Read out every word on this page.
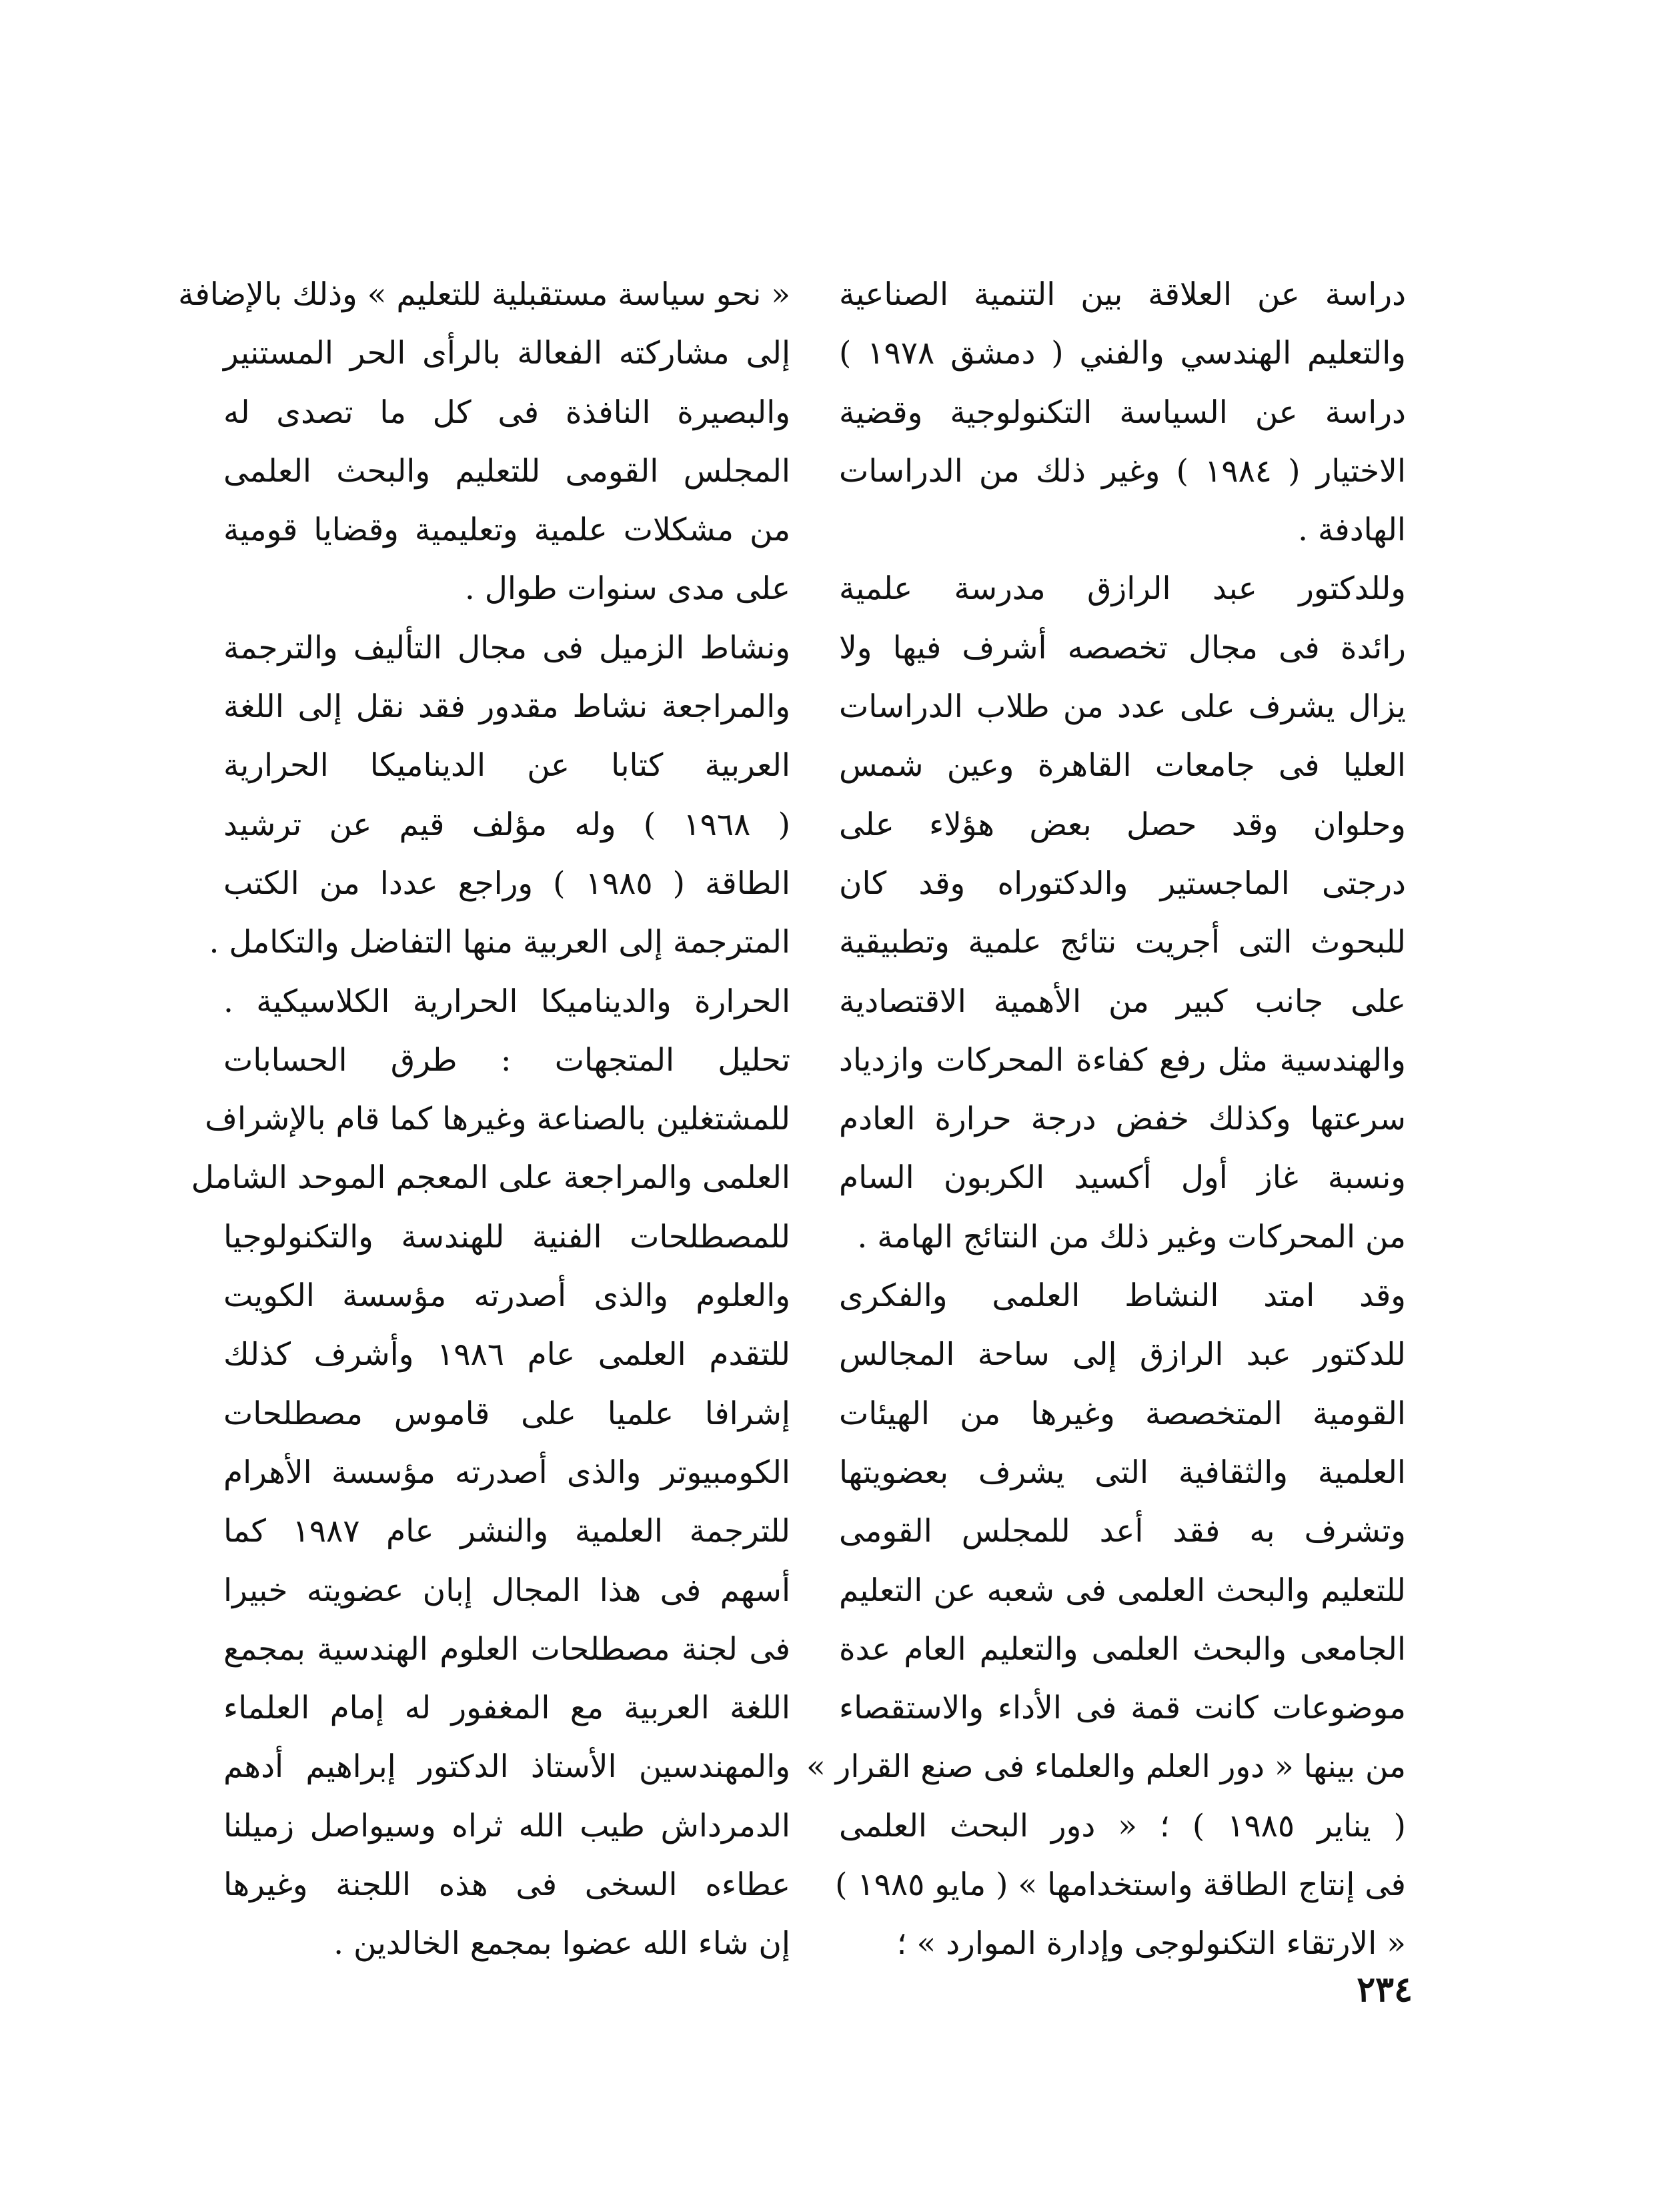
دراسة عن العلاقة بين التنمية الصناعية
والتعليم الهندسي والفني ( دمشق ١٩٧٨ )
دراسة عن السياسة التكنولوجية وقضية
الاختيار ( ١٩٨٤ ) وغير ذلك من الدراسات
الهادفة .
وللدكتور عبد الرازق مدرسة علمية
رائدة فى مجال تخصصه أشرف فيها ولا
يزال يشرف على عدد من طلاب الدراسات
العليا فى جامعات القاهرة وعين شمس
وحلوان وقد حصل بعض هؤلاء على
درجتى الماجستير والدكتوراه وقد كان
للبحوث التى أجريت نتائج علمية وتطبيقية
على جانب كبير من الأهمية الاقتصادية
والهندسية مثل رفع كفاءة المحركات وازدياد
سرعتها وكذلك خفض درجة حرارة العادم
ونسبة غاز أول أكسيد الكربون السام
من المحركات وغير ذلك من النتائج الهامة .
وقد امتد النشاط العلمى والفكرى
للدكتور عبد الرازق إلى ساحة المجالس
القومية المتخصصة وغيرها من الهيئات
العلمية والثقافية التى يشرف بعضويتها
وتشرف به فقد أعد للمجلس القومى
للتعليم والبحث العلمى فى شعبه عن التعليم
الجامعى والبحث العلمى والتعليم العام عدة
موضوعات كانت قمة فى الأداء والاستقصاء
من بينها « دور العلم والعلماء فى صنع القرار »
( يناير ١٩٨٥ ) ؛ « دور البحث العلمى
فى إنتاج الطاقة واستخدامها » ( مايو ١٩٨٥ )
« الارتقاء التكنولوجى وإدارة الموارد » ؛
« نحو سياسة مستقبلية للتعليم » وذلك بالإضافة
إلى مشاركته الفعالة بالرأى الحر المستنير
والبصيرة النافذة فى كل ما تصدى له
المجلس القومى للتعليم والبحث العلمى
من مشكلات علمية وتعليمية وقضايا قومية
على مدى سنوات طوال .
ونشاط الزميل فى مجال التأليف والترجمة
والمراجعة نشاط مقدور فقد نقل إلى اللغة
العربية كتابا عن الديناميكا الحرارية
( ١٩٦٨ ) وله مؤلف قيم عن ترشيد
الطاقة ( ١٩٨٥ ) وراجع عددا من الكتب
المترجمة إلى العربية منها التفاضل والتكامل .
الحرارة والديناميكا الحرارية الكلاسيكية .
تحليل المتجهات : طرق الحسابات
للمشتغلين بالصناعة وغيرها كما قام بالإشراف
العلمى والمراجعة على المعجم الموحد الشامل
للمصطلحات الفنية للهندسة والتكنولوجيا
والعلوم والذى أصدرته مؤسسة الكويت
للتقدم العلمى عام ١٩٨٦ وأشرف كذلك
إشرافا علميا على قاموس مصطلحات
الكومبيوتر والذى أصدرته مؤسسة الأهرام
للترجمة العلمية والنشر عام ١٩٨٧ كما
أسهم فى هذا المجال إبان عضويته خبيرا
فى لجنة مصطلحات العلوم الهندسية بمجمع
اللغة العربية مع المغفور له إمام العلماء
والمهندسين الأستاذ الدكتور إبراهيم أدهم
الدمرداش طيب الله ثراه وسيواصل زميلنا
عطاءه السخى فى هذه اللجنة وغيرها
إن شاء الله عضوا بمجمع الخالدين .
٢٣٤
